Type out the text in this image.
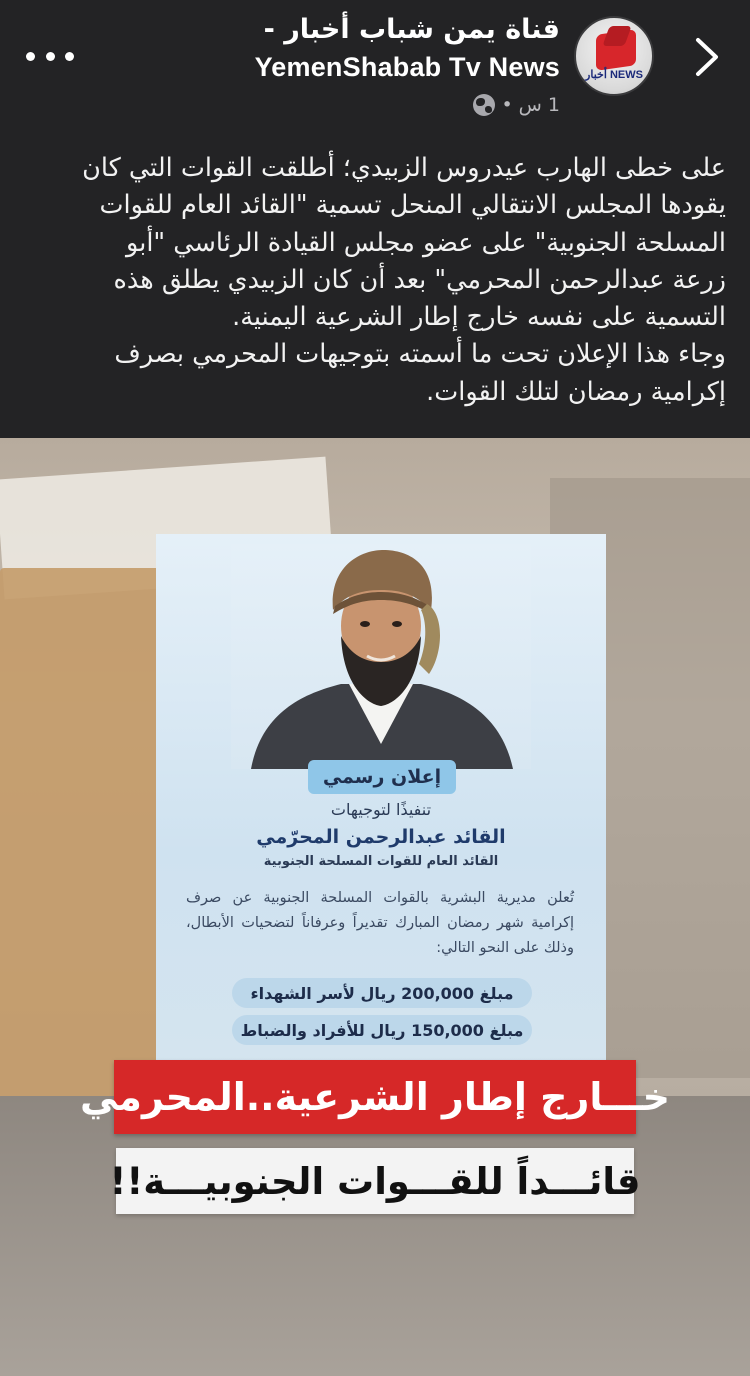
أخبار NEWS
قناة يمن شباب أخبار -
YemenShabab Tv News
1 س
•

على خطى الهارب عيدروس الزبيدي؛ أطلقت القوات التي كان

يقودها المجلس الانتقالي المنحل تسمية "القائد العام للقوات

المسلحة الجنوبية" على عضو مجلس القيادة الرئاسي "أبو

زرعة عبدالرحمن المحرمي" بعد أن كان الزبيدي يطلق هذه

التسمية على نفسه خارج إطار الشرعية اليمنية.

وجاء هذا الإعلان تحت ما أسمته بتوجيهات المحرمي بصرف

إكرامية رمضان لتلك القوات.

إعلان رسمي
تنفيذًا لتوجيهات
القائد عبدالرحمن المحرّمي
القائد العام للقوات المسلحة الجنوبية
تُعلن مديرية البشرية بالقوات المسلحة الجنوبية عن صرف إكرامية شهر رمضان المبارك تقديراً وعرفاناً لتضحيات الأبطال، وذلك على النحو التالي:
مبلغ 200,000 ريال لأسر الشهداء
مبلغ 150,000 ريال للأفراد والضباط
خـــارج إطار الشرعية..المحرمي
قائـــداً للقـــوات الجنوبيـــة!!
